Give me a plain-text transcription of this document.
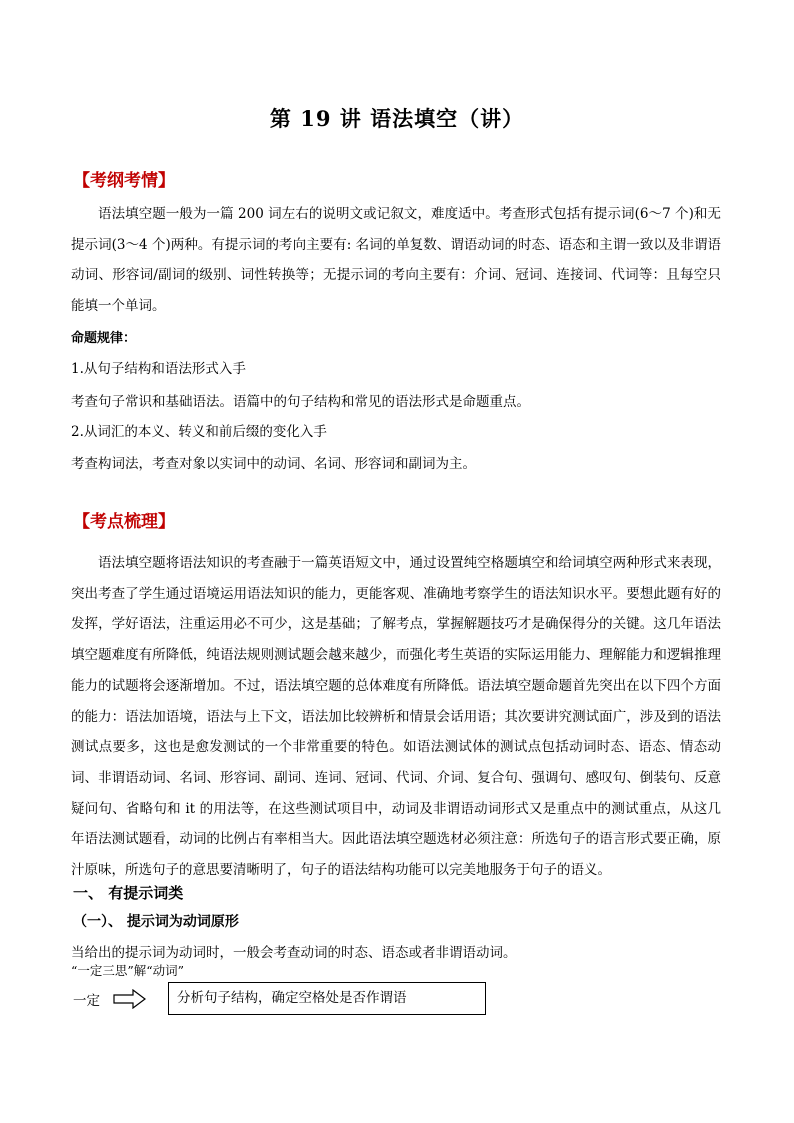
第 19 讲 语法填空（讲）
【考纲考情】
语法填空题一般为一篇 200 词左右的说明文或记叙文，难度适中。考查形式包括有提示词(6～7 个)和无提示词(3～4 个)两种。有提示词的考向主要有: 名词的单复数、谓语动词的时态、语态和主谓一致以及非谓语动词、形容词/副词的级别、词性转换等；无提示词的考向主要有：介词、冠词、连接词、代词等：且每空只能填一个单词。
命题规律：
1.从句子结构和语法形式入手
考查句子常识和基础语法。语篇中的句子结构和常见的语法形式是命题重点。
2.从词汇的本义、转义和前后缀的变化入手
考查构词法，考查对象以实词中的动词、名词、形容词和副词为主。
【考点梳理】
语法填空题将语法知识的考查融于一篇英语短文中，通过设置纯空格题填空和给词填空两种形式来表现，突出考查了学生通过语境运用语法知识的能力，更能客观、准确地考察学生的语法知识水平。要想此题有好的发挥，学好语法，注重运用必不可少，这是基础；了解考点，掌握解题技巧才是确保得分的关键。这几年语法填空题难度有所降低，纯语法规则测试题会越来越少，而强化考生英语的实际运用能力、理解能力和逻辑推理能力的试题将会逐渐增加。不过，语法填空题的总体难度有所降低。语法填空题命题首先突出在以下四个方面的能力：语法加语境，语法与上下文，语法加比较辨析和情景会话用语；其次要讲究测试面广，涉及到的语法测试点要多，这也是愈发测试的一个非常重要的特色。如语法测试体的测试点包括动词时态、语态、情态动词、非谓语动词、名词、形容词、副词、连词、冠词、代词、介词、复合句、强调句、感叹句、倒装句、反意疑问句、省略句和 it 的用法等，在这些测试项目中，动词及非谓语动词形式又是重点中的测试重点，从这几年语法测试题看，动词的比例占有率相当大。因此语法填空题选材必须注意：所选句子的语言形式要正确，原汁原味，所选句子的意思要清晰明了，句子的语法结构功能可以完美地服务于句子的语义。
一、 有提示词类
（一）、 提示词为动词原形
当给出的提示词为动词时，一般会考查动词的时态、语态或者非谓语动词。
“一定三思”解“动词”
一定	分析句子结构，确定空格处是否作谓语
